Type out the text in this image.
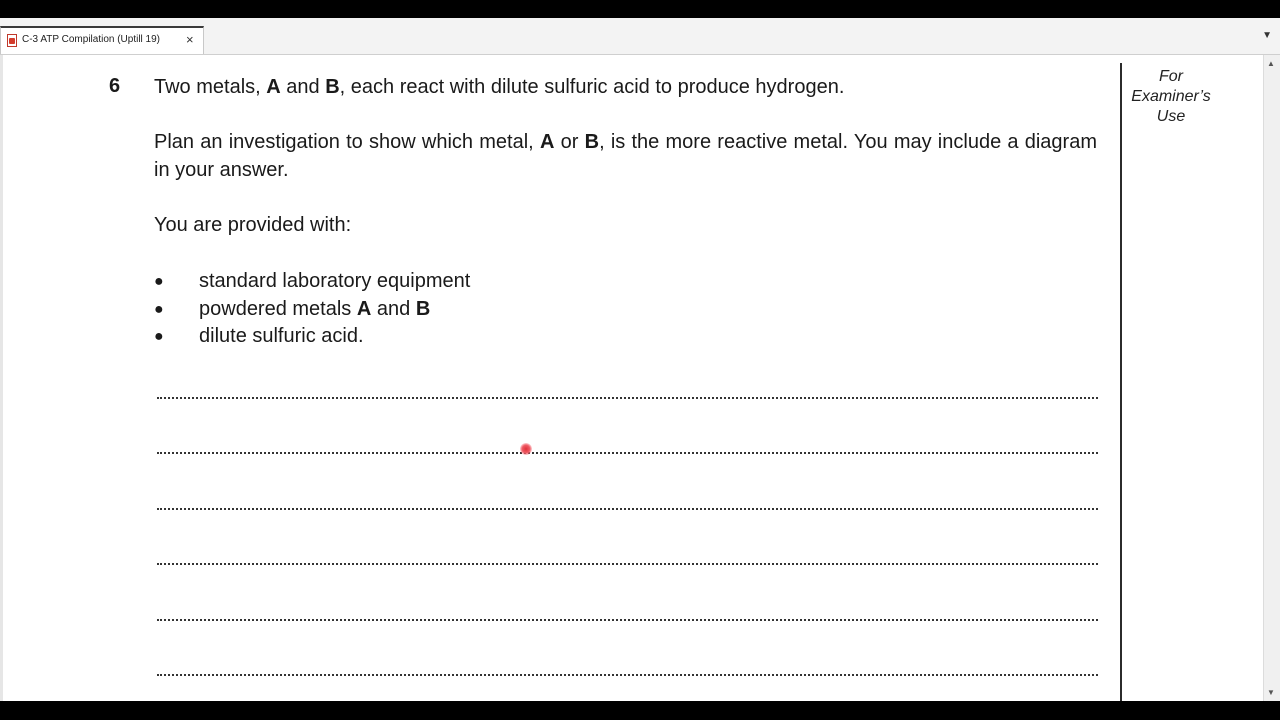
C-3 ATP Compilation (Uptill 19) ×	▼
For
Examiner’s
Use
6 Two metals, A and B, each react with dilute sulfuric acid to produce hydrogen.
Plan an investigation to show which metal, A or B, is the more reactive metal. You may include a diagram in your answer.
You are provided with:
● standard laboratory equipment
● powdered metals A and B
● dilute sulfuric acid.
▲
▼
